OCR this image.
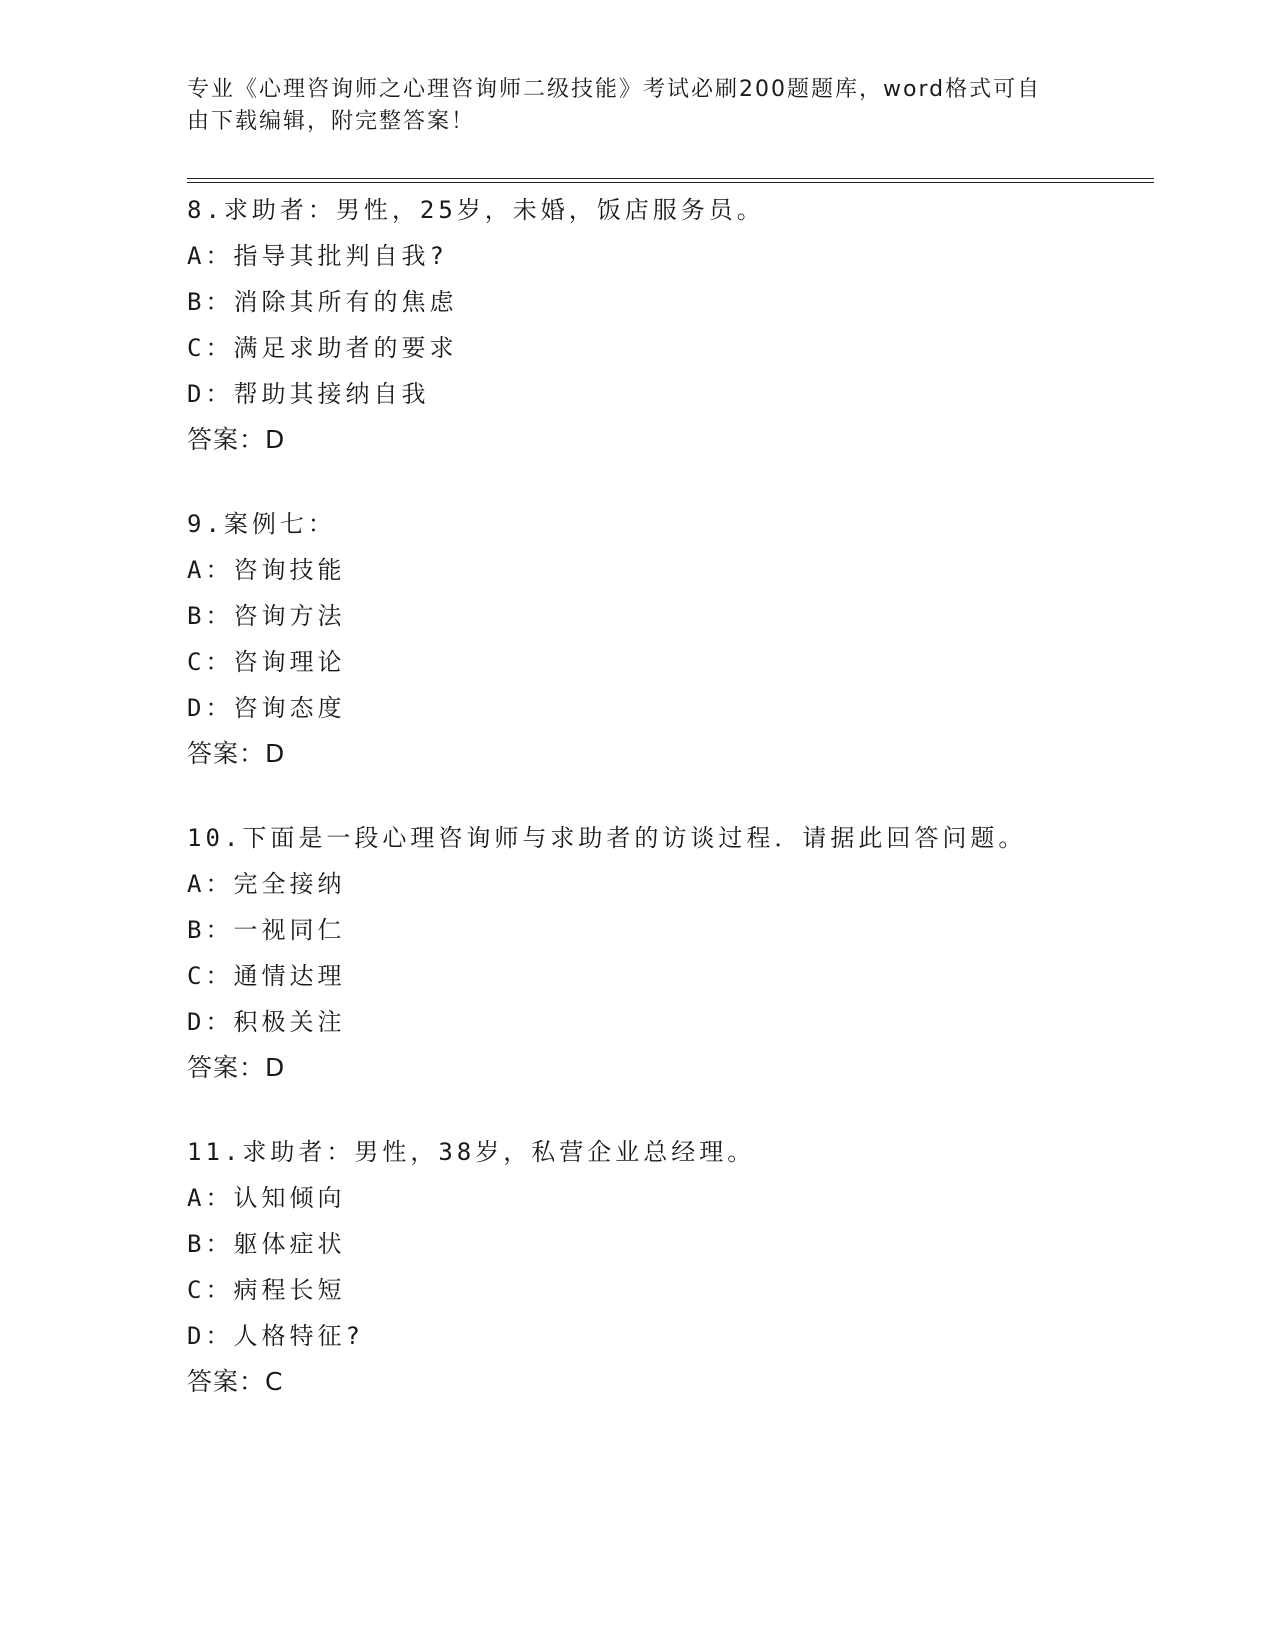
专业《心理咨询师之心理咨询师二级技能》考试必刷200题题库，word格式可自
由下载编辑，附完整答案！
8.求助者：男性，25岁，未婚，饭店服务员。
A：指导其批判自我?
B：消除其所有的焦虑
C：满足求助者的要求
D：帮助其接纳自我
答案：D
9.案例七：
A：咨询技能
B：咨询方法
C：咨询理论
D：咨询态度
答案：D
10.下面是一段心理咨询师与求助者的访谈过程．请据此回答问题。
A：完全接纳
B：一视同仁
C：通情达理
D：积极关注
答案：D
11.求助者：男性，38岁，私营企业总经理。
A：认知倾向
B：躯体症状
C：病程长短
D：人格特征?
答案：C
